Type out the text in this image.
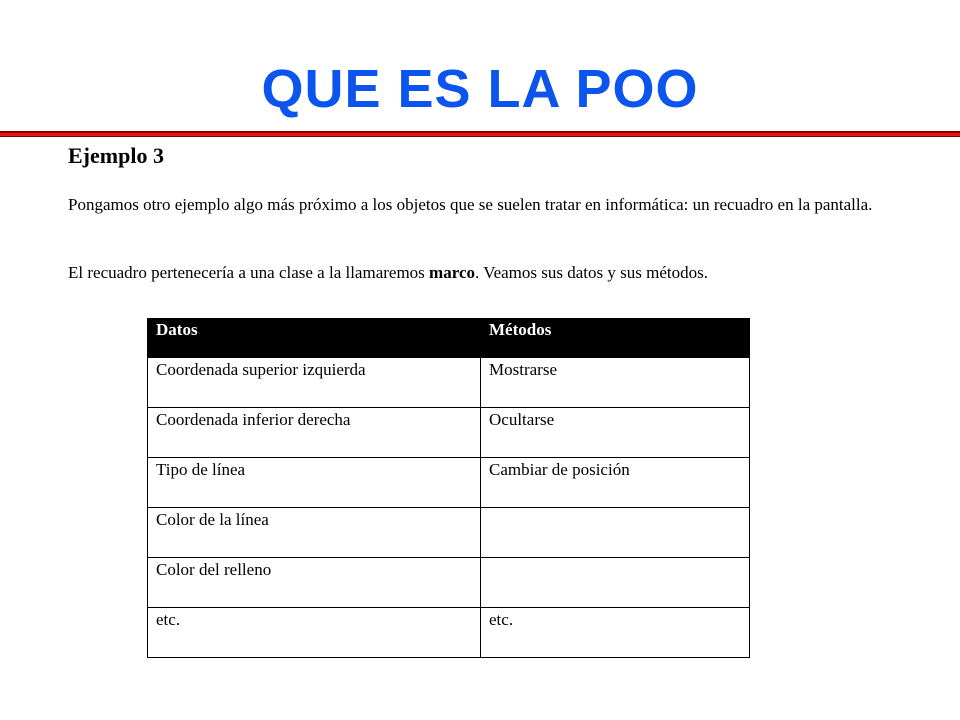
QUE ES LA POO

Ejemplo 3

Pongamos otro ejemplo algo más próximo a los objetos que se suelen tratar en informática: un recuadro en la pantalla.

El recuadro pertenecería a una clase a la llamaremos marco. Veamos sus datos y sus métodos.

Datos	Métodos
Coordenada superior izquierda	Mostrarse
Coordenada inferior derecha	Ocultarse
Tipo de línea	Cambiar de posición
Color de la línea	
Color del relleno	
etc.	etc.
